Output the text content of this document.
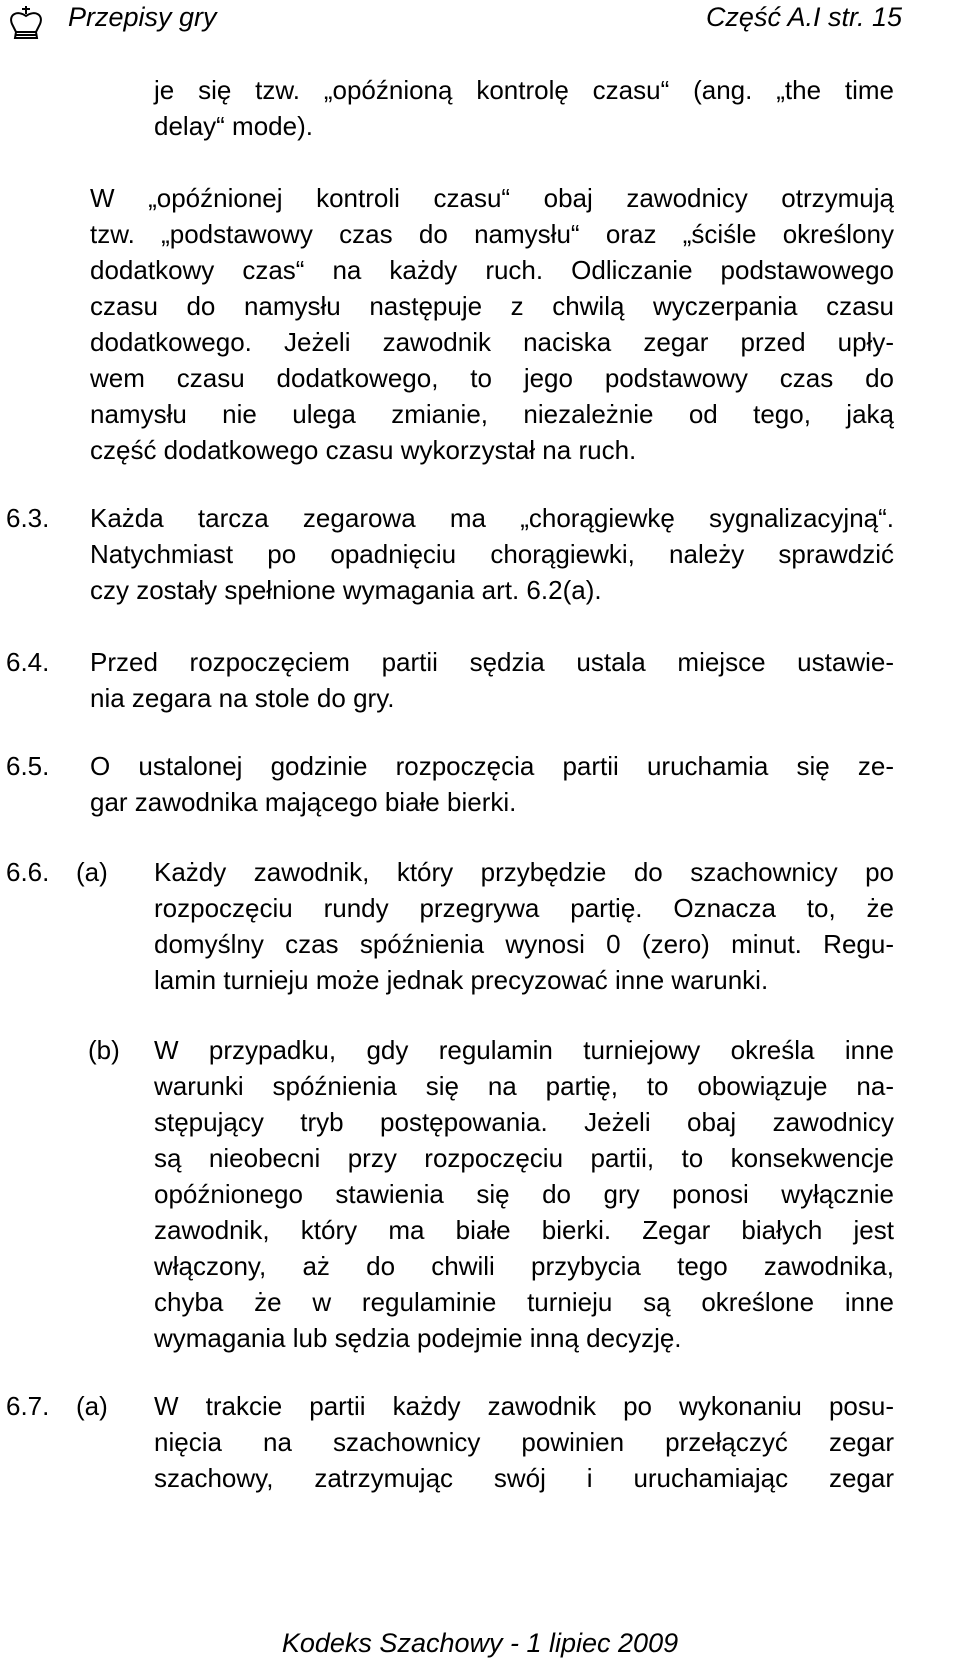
Przepisy gry	Część A.I str. 15
je się tzw. „opóźnioną kontrolę czasu“ (ang. „the time
delay“ mode).
W „opóźnionej kontroli czasu“ obaj zawodnicy otrzymują
tzw. „podstawowy czas do namysłu“ oraz „ściśle określony
dodatkowy czas“ na każdy ruch. Odliczanie podstawowego
czasu do namysłu następuje z chwilą wyczerpania czasu
dodatkowego. Jeżeli zawodnik naciska zegar przed upły-
wem czasu dodatkowego, to jego podstawowy czas do
namysłu nie ulega zmianie, niezależnie od tego, jaką
część dodatkowego czasu wykorzystał na ruch.
6.3. Każda tarcza zegarowa ma „chorągiewkę sygnalizacyjną“.
Natychmiast po opadnięciu chorągiewki, należy sprawdzić
czy zostały spełnione wymagania art. 6.2(a).
6.4. Przed rozpoczęciem partii sędzia ustala miejsce ustawie-
nia zegara na stole do gry.
6.5. O ustalonej godzinie rozpoczęcia partii uruchamia się ze-
gar zawodnika mającego białe bierki.
6.6. (a) Każdy zawodnik, który przybędzie do szachownicy po
rozpoczęciu rundy przegrywa partię. Oznacza to, że
domyślny czas spóźnienia wynosi 0 (zero) minut. Regu-
lamin turnieju może jednak precyzować inne warunki.
(b) W przypadku, gdy regulamin turniejowy określa inne
warunki spóźnienia się na partię, to obowiązuje na-
stępujący tryb postępowania. Jeżeli obaj zawodnicy
są nieobecni przy rozpoczęciu partii, to konsekwencje
opóźnionego stawienia się do gry ponosi wyłącznie
zawodnik, który ma białe bierki. Zegar białych jest
włączony, aż do chwili przybycia tego zawodnika,
chyba że w regulaminie turnieju są określone inne
wymagania lub sędzia podejmie inną decyzję.
6.7. (a) W trakcie partii każdy zawodnik po wykonaniu posu-
nięcia na szachownicy powinien przełączyć zegar
szachowy, zatrzymując swój i uruchamiając zegar
Kodeks Szachowy - 1 lipiec 2009
